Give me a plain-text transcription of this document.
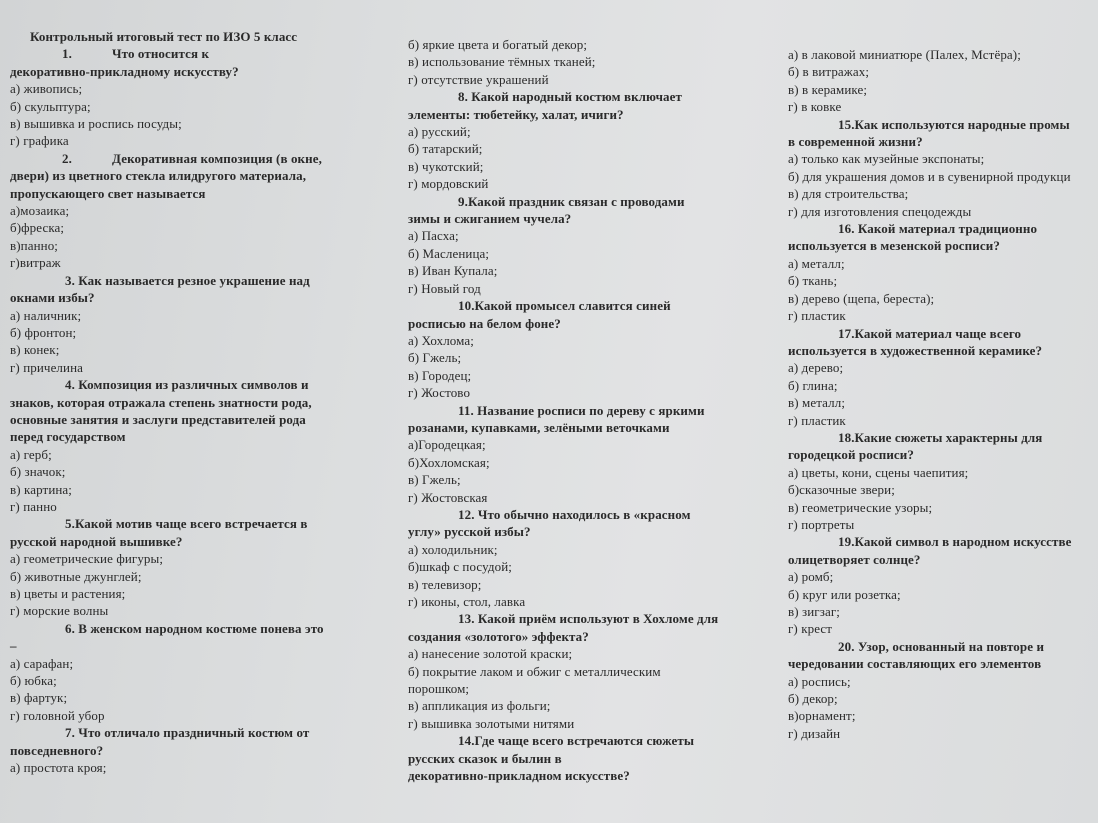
Контрольный итоговый тест по ИЗО 5 класс
1.	Что относится к
декоративно-прикладному искусству?
а) живопись;
б) скульптура;
в) вышивка и роспись посуды;
г) графика
2.	Декоративная композиция (в окне,
двери) из цветного стекла илидругого материала,
пропускающего свет называется
а)мозаика;
б)фреска;
в)панно;
г)витраж
3. Как называется резное украшение над
окнами избы?
а) наличник;
б) фронтон;
в) конек;
г) причелина
4. Композиция из различных символов и
знаков, которая отражала степень знатности рода,
основные занятия и заслуги представителей рода
перед государством
а) герб;
б) значок;
в) картина;
г) панно
5.Какой мотив чаще всего встречается в
русской народной вышивке?
а) геометрические фигуры;
б) животные джунглей;
в) цветы и растения;
г) морские волны
6. В женском народном костюме понева это
–
а) сарафан;
б) юбка;
в) фартук;
г) головной убор
7. Что отличало праздничный костюм от
повседневного?
а) простота кроя;
б) яркие цвета и богатый декор;
в) использование тёмных тканей;
г) отсутствие украшений
8. Какой народный костюм включает
элементы: тюбетейку, халат, ичиги?
а) русский;
б) татарский;
в) чукотский;
г) мордовский
9.Какой праздник связан с проводами
зимы и сжиганием чучела?
а) Пасха;
б) Масленица;
в) Иван Купала;
г) Новый год
10.Какой промысел славится синей
росписью на белом фоне?
а) Хохлома;
б) Гжель;
в) Городец;
г) Жостово
11. Название росписи по дереву с яркими
розанами, купавками, зелёными веточками
а)Городецкая;
б)Хохломская;
в) Гжель;
г) Жостовская
12. Что обычно находилось в «красном
углу» русской избы?
а) холодильник;
б)шкаф с посудой;
в) телевизор;
г) иконы, стол, лавка
13. Какой приём используют в Хохломе для
создания «золотого» эффекта?
а) нанесение золотой краски;
б) покрытие лаком и обжиг с металлическим
порошком;
в) аппликация из фольги;
г) вышивка золотыми нитями
14.Где чаще всего встречаются сюжеты
русских сказок и былин в
декоративно-прикладном искусстве?
а) в лаковой миниатюре (Палех, Мстёра);
б) в витражах;
в) в керамике;
г) в ковке
15.Как используются народные промы
в современной жизни?
а) только как музейные экспонаты;
б) для украшения домов и в сувенирной продукци
в) для строительства;
г) для изготовления спецодежды
16. Какой материал традиционно
используется в мезенской росписи?
а) металл;
б) ткань;
в) дерево (щепа, береста);
г) пластик
17.Какой материал чаще всего
используется в художественной керамике?
а) дерево;
б) глина;
в) металл;
г) пластик
18.Какие сюжеты характерны для
городецкой росписи?
а) цветы, кони, сцены чаепития;
б)сказочные звери;
в) геометрические узоры;
г) портреты
19.Какой символ в народном искусстве
олицетворяет солнце?
а) ромб;
б) круг или розетка;
в) зигзаг;
г) крест
20. Узор, основанный на повторе и
чередовании составляющих его элементов
а) роспись;
б) декор;
в)орнамент;
г) дизайн
